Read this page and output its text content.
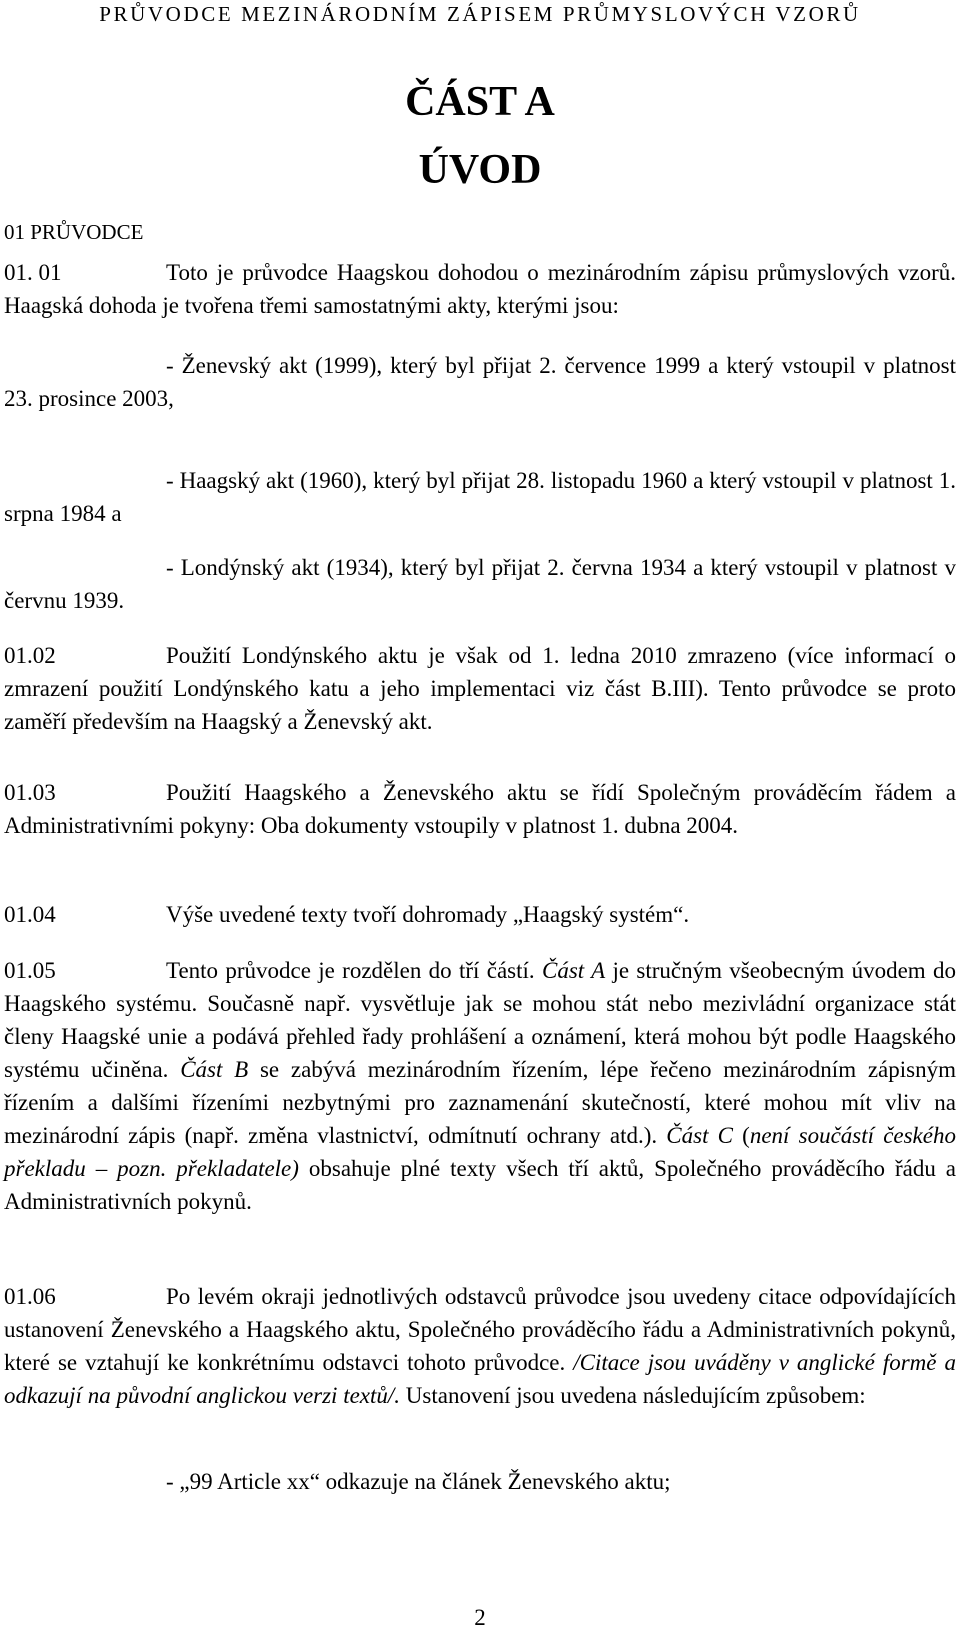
PRŮVODCE MEZINÁRODNÍM ZÁPISEM PRŮMYSLOVÝCH VZORŮ
ČÁST A
ÚVOD
01 PRŮVODCE

01. 01	Toto je průvodce Haagskou dohodou o mezinárodním zápisu průmyslových vzorů. Haagská dohoda je tvořena třemi samostatnými akty, kterými jsou:

- Ženevský akt (1999), který byl přijat 2. července 1999 a který vstoupil v platnost 23. prosince 2003,

- Haagský akt (1960), který byl přijat 28. listopadu 1960 a který vstoupil v platnost 1. srpna 1984 a

- Londýnský akt (1934), který byl přijat 2. června 1934 a který vstoupil v platnost v červnu 1939.

01.02	Použití Londýnského aktu je však od 1. ledna 2010 zmrazeno (více informací o zmrazení použití Londýnského katu a jeho implementaci viz část B.III). Tento průvodce se proto zaměří především na Haagský a Ženevský akt.

01.03	Použití Haagského a Ženevského aktu se řídí Společným prováděcím řádem a Administrativními pokyny: Oba dokumenty vstoupily v platnost 1. dubna 2004.

01.04	Výše uvedené texty tvoří dohromady „Haagský systém“.

01.05	Tento průvodce je rozdělen do tří částí. Část A je stručným všeobecným úvodem do Haagského systému. Současně např. vysvětluje jak se mohou stát nebo mezivládní organizace stát členy Haagské unie a podává přehled řady prohlášení a oznámení, která mohou být podle Haagského systému učiněna. Část B se zabývá mezinárodním řízením, lépe řečeno mezinárodním zápisným řízením a dalšími řízeními nezbytnými pro zaznamenání skutečností, které mohou mít vliv na mezinárodní zápis (např. změna vlastnictví, odmítnutí ochrany atd.). Část C (není součástí českého překladu – pozn. překladatele) obsahuje plné texty všech tří aktů, Společného prováděcího řádu a Administrativních pokynů.

01.06	Po levém okraji jednotlivých odstavců průvodce jsou uvedeny citace odpovídajících ustanovení Ženevského a Haagského aktu, Společného prováděcího řádu a Administrativních pokynů, které se vztahují ke konkrétnímu odstavci tohoto průvodce. /Citace jsou uváděny v anglické formě a odkazují na původní anglickou verzi textů/. Ustanovení jsou uvedena následujícím způsobem:

- „99 Article xx“ odkazuje na článek Ženevského aktu;

2
